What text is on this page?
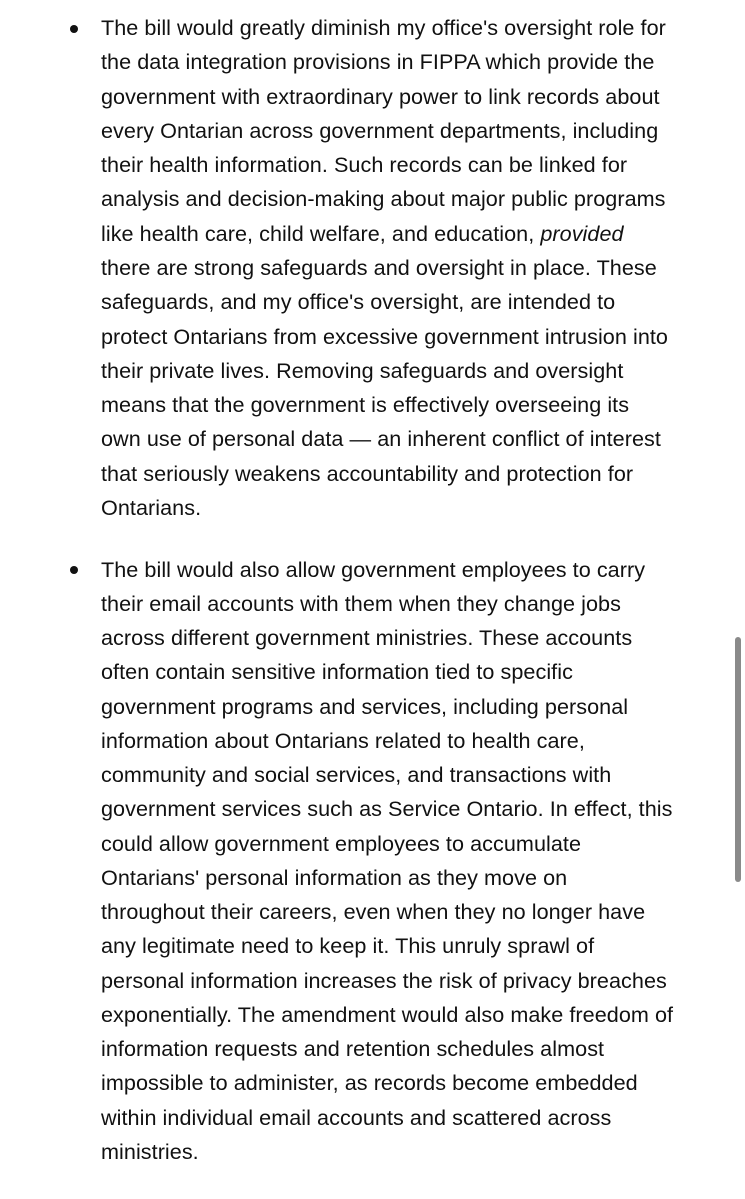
The bill would greatly diminish my office's oversight role for
the data integration provisions in FIPPA which provide the
government with extraordinary power to link records about
every Ontarian across government departments, including
their health information. Such records can be linked for
analysis and decision-making about major public programs
like health care, child welfare, and education, provided
there are strong safeguards and oversight in place. These
safeguards, and my office's oversight, are intended to
protect Ontarians from excessive government intrusion into
their private lives. Removing safeguards and oversight
means that the government is effectively overseeing its
own use of personal data — an inherent conflict of interest
that seriously weakens accountability and protection for
Ontarians.
The bill would also allow government employees to carry
their email accounts with them when they change jobs
across different government ministries. These accounts
often contain sensitive information tied to specific
government programs and services, including personal
information about Ontarians related to health care,
community and social services, and transactions with
government services such as Service Ontario. In effect, this
could allow government employees to accumulate
Ontarians' personal information as they move on
throughout their careers, even when they no longer have
any legitimate need to keep it. This unruly sprawl of
personal information increases the risk of privacy breaches
exponentially. The amendment would also make freedom of
information requests and retention schedules almost
impossible to administer, as records become embedded
within individual email accounts and scattered across
ministries.
